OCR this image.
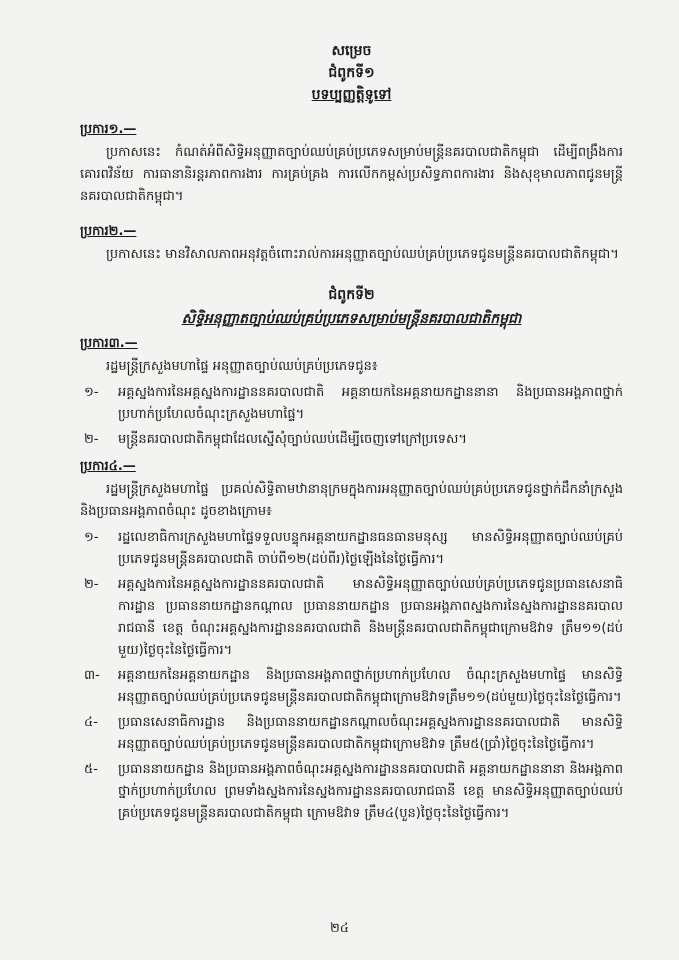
សម្រេច
ជំពូកទី១
បទប្បញ្ញត្តិទូទៅ
ប្រការ១.—

ប្រកាសនេះ កំណត់អំពីសិទ្ធិអនុញ្ញាតច្បាប់ឈប់គ្រប់ប្រភេទសម្រាប់មន្ត្រីនគរបាលជាតិកម្ពុជា ដើម្បីពង្រឹងការគោរពវិន័យ ការធានានិរន្តរភាពការងារ ការគ្រប់គ្រង ការលើកកម្ពស់ប្រសិទ្ធភាពការងារ និងសុខុមាលភាពជូនមន្ត្រីនគរបាលជាតិកម្ពុជា។

ប្រការ២.—

ប្រកាសនេះ មានវិសាលភាពអនុវត្តចំពោះរាល់ការអនុញ្ញាតច្បាប់ឈប់គ្រប់ប្រភេទជូនមន្ត្រីនគរបាលជាតិកម្ពុជា។

ជំពូកទី២
សិទ្ធិអនុញ្ញាតច្បាប់ឈប់គ្រប់ប្រភេទសម្រាប់មន្ត្រីនគរបាលជាតិកម្ពុជា
ប្រការ៣.—

រដ្ឋមន្ត្រីក្រសួងមហាផ្ទៃ អនុញ្ញាតច្បាប់ឈប់គ្រប់ប្រភេទជូន៖

១-	អគ្គស្នងការនៃអគ្គស្នងការដ្ឋាននគរបាលជាតិ អគ្គនាយកនៃអគ្គនាយកដ្ឋាននានា និងប្រធានអង្គភាពថ្នាក់ប្រហាក់ប្រហែលចំណុះក្រសួងមហាផ្ទៃ។
២-	មន្ត្រីនគរបាលជាតិកម្ពុជាដែលស្នើសុំច្បាប់ឈប់ដើម្បីចេញទៅក្រៅប្រទេស។
ប្រការ៤.—

រដ្ឋមន្ត្រីក្រសួងមហាផ្ទៃ ប្រគល់សិទ្ធិតាមឋានានុក្រមក្នុងការអនុញ្ញាតច្បាប់ឈប់គ្រប់ប្រភេទជូនថ្នាក់ដឹកនាំក្រសួង និងប្រធានអង្គភាពចំណុះ ដូចខាងក្រោម៖

១-	រដ្ឋលេខាធិការក្រសួងមហាផ្ទៃទទួលបន្ទុកអគ្គនាយកដ្ឋានធនធានមនុស្ស មានសិទ្ធិអនុញ្ញាតច្បាប់ឈប់គ្រប់ប្រភេទជូនមន្ត្រីនគរបាលជាតិ ចាប់ពី១២(ដប់ពីរ)ថ្ងៃឡើងនៃថ្ងៃធ្វើការ។
២-	អគ្គស្នងការនៃអគ្គស្នងការដ្ឋាននគរបាលជាតិ មានសិទ្ធិអនុញ្ញាតច្បាប់ឈប់គ្រប់ប្រភេទជូនប្រធានសេនាធិការដ្ឋាន ប្រធាននាយកដ្ឋានកណ្តាល ប្រធាននាយកដ្ឋាន ប្រធានអង្គភាពស្នងការនៃស្នងការដ្ឋាននគរបាលរាជធានី ខេត្ត ចំណុះអគ្គស្នងការដ្ឋាននគរបាលជាតិ និងមន្ត្រីនគរបាលជាតិកម្ពុជាក្រោមឱវាទ ត្រឹម១១(ដប់មួយ)ថ្ងៃចុះនៃថ្ងៃធ្វើការ។
៣-	អគ្គនាយកនៃអគ្គនាយកដ្ឋាន និងប្រធានអង្គភាពថ្នាក់ប្រហាក់ប្រហែល ចំណុះក្រសួងមហាផ្ទៃ មានសិទ្ធិអនុញ្ញាតច្បាប់ឈប់គ្រប់ប្រភេទជូនមន្ត្រីនគរបាលជាតិកម្ពុជាក្រោមឱវាទត្រឹម១១(ដប់មួយ)ថ្ងៃចុះនៃថ្ងៃធ្វើការ។
៤-	ប្រធានសេនាធិការដ្ឋាន និងប្រធាននាយកដ្ឋានកណ្តាលចំណុះអគ្គស្នងការដ្ឋាននគរបាលជាតិ មានសិទ្ធិអនុញ្ញាតច្បាប់ឈប់គ្រប់ប្រភេទជូនមន្ត្រីនគរបាលជាតិកម្ពុជាក្រោមឱវាទ ត្រឹម៥(ប្រាំ)ថ្ងៃចុះនៃថ្ងៃធ្វើការ។
៥-	ប្រធាននាយកដ្ឋាន និងប្រធានអង្គភាពចំណុះអគ្គស្នងការដ្ឋាននគរបាលជាតិ អគ្គនាយកដ្ឋាននានា និងអង្គភាពថ្នាក់ប្រហាក់ប្រហែល ព្រមទាំងស្នងការនៃស្នងការដ្ឋាននគរបាលរាជធានី ខេត្ត មានសិទ្ធិអនុញ្ញាតច្បាប់ឈប់គ្រប់ប្រភេទជូនមន្ត្រីនគរបាលជាតិកម្ពុជា ក្រោមឱវាទ ត្រឹម៤(បួន)ថ្ងៃចុះនៃថ្ងៃធ្វើការ។
២៤
